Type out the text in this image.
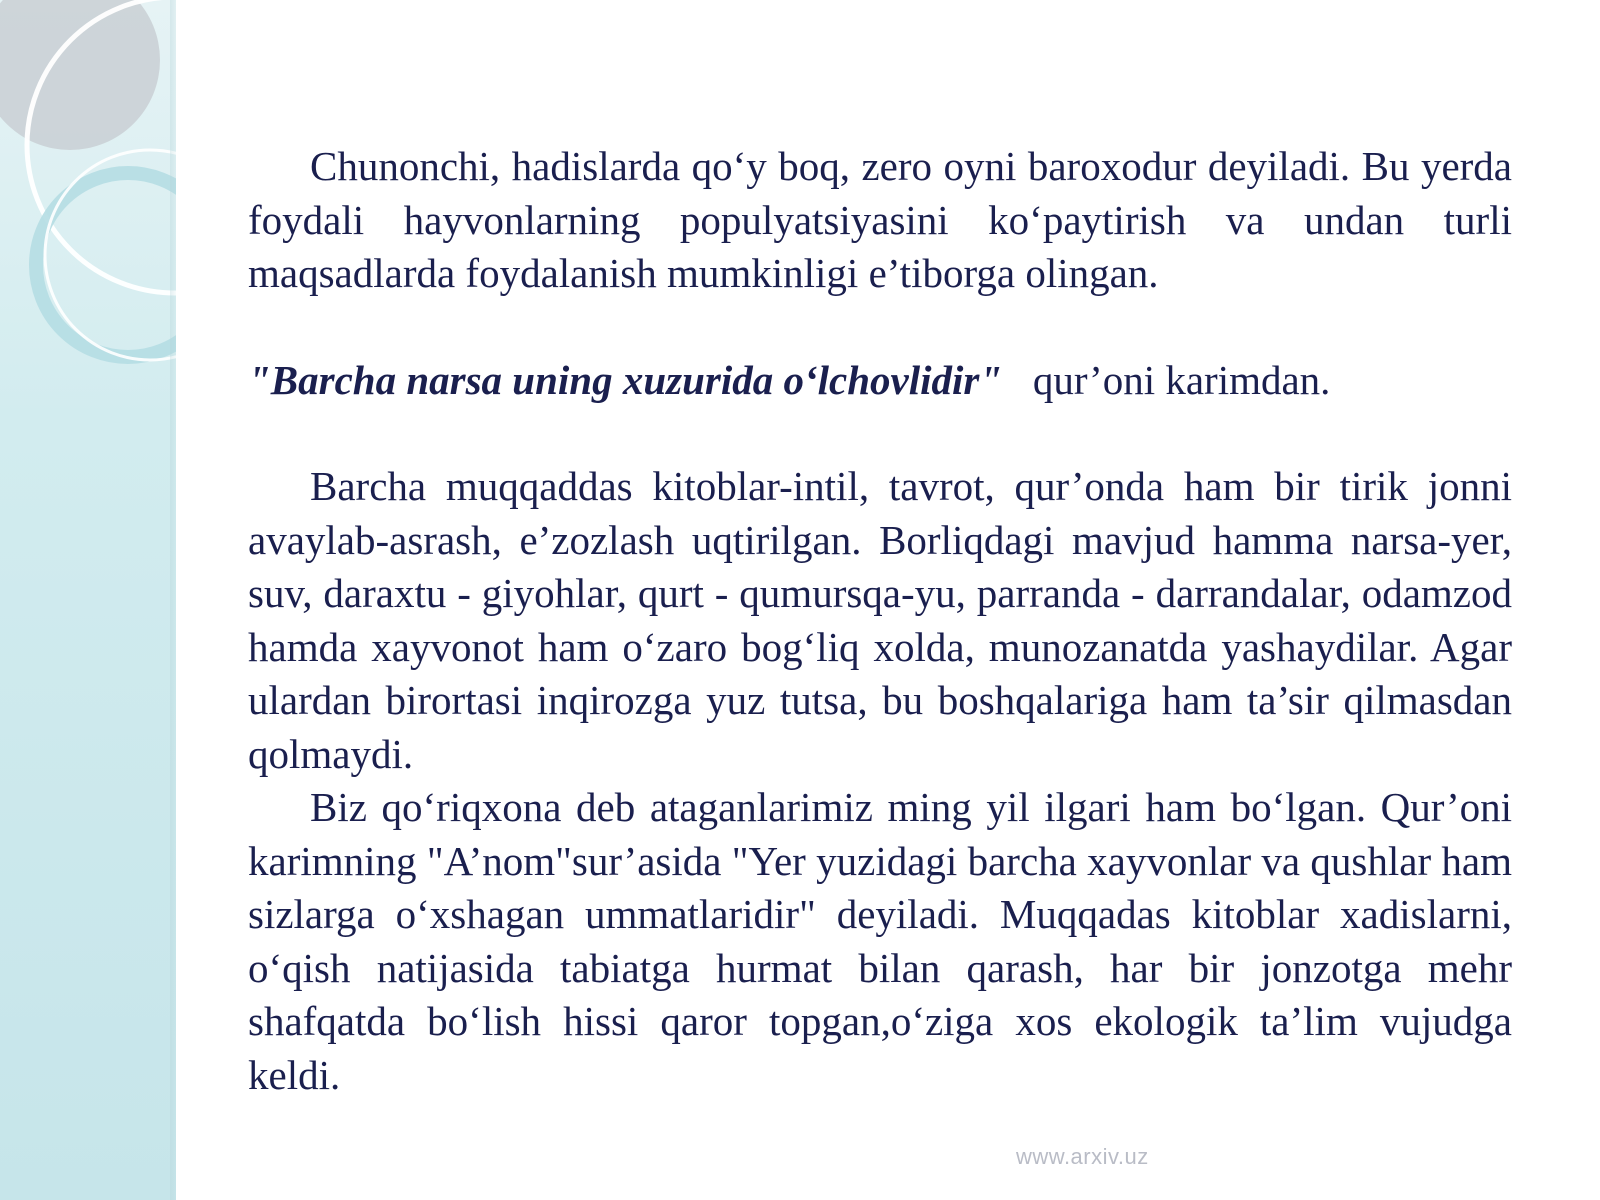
Chunonchi, hadislarda qo‘y boq, zero oyni baroxodur deyiladi. Bu yerda foydali hayvonlarning populyatsiyasini ko‘paytirish va undan turli maqsadlarda foydalanish mumkinligi e’tiborga olingan.

"Barcha narsa uning xuzurida o‘lchovlidir" qur’oni karimdan.

Barcha muqqaddas kitoblar-intil, tavrot, qur’onda ham bir tirik jonni avaylab-asrash, e’zozlash uqtirilgan. Borliqdagi mavjud hamma narsa-yer, suv, daraxtu - giyohlar, qurt - qumursqa-yu, parranda - darrandalar, odamzod hamda xayvonot ham o‘zaro bog‘liq xolda, munozanatda yashaydilar. Agar ulardan birortasi inqirozga yuz tutsa, bu boshqalariga ham ta’sir qilmasdan qolmaydi.

Biz qo‘riqxona deb ataganlarimiz ming yil ilgari ham bo‘lgan. Qur’oni karimning "A’nom"sur’asida "Yer yuzidagi barcha xayvonlar va qushlar ham sizlarga o‘xshagan ummatlaridir" deyiladi. Muqqadas kitoblar xadislarni, o‘qish natijasida tabiatga hurmat bilan qarash, har bir jonzotga mehr shafqatda bo‘lish hissi qaror topgan,o‘ziga xos ekologik ta’lim vujudga keldi.

www.arxiv.uz
